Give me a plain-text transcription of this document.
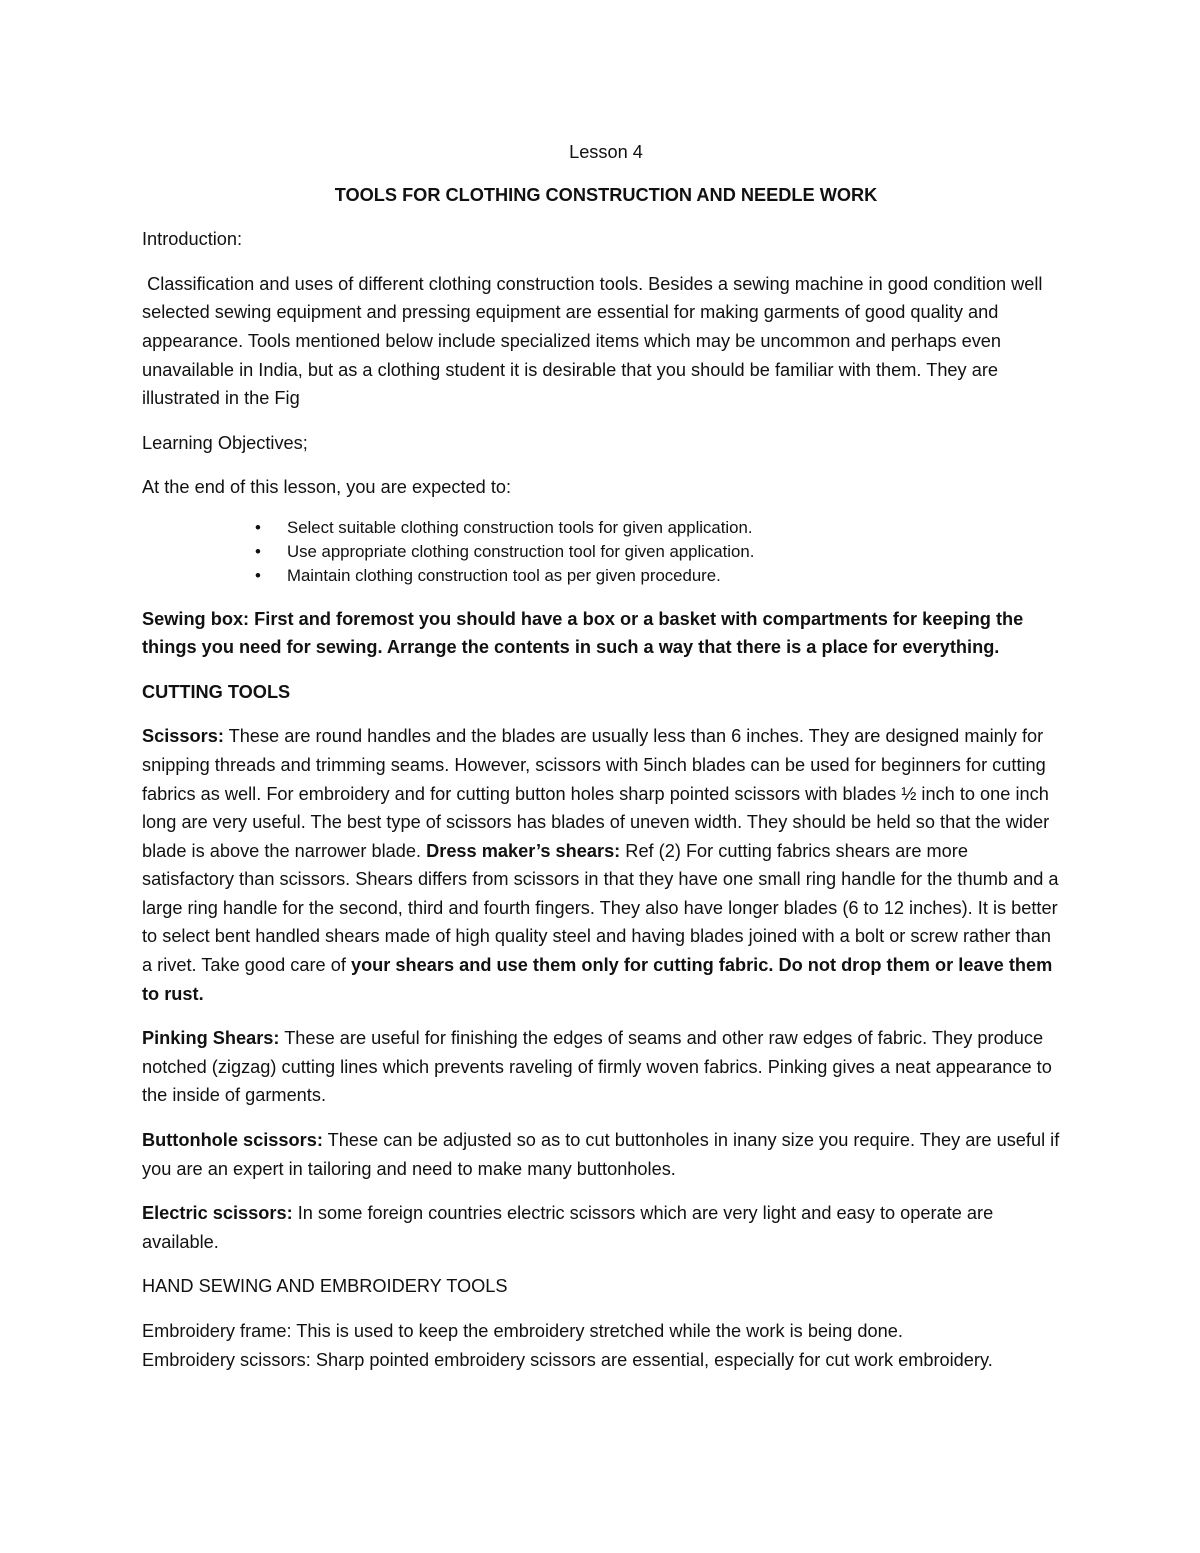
Lesson 4

TOOLS FOR CLOTHING CONSTRUCTION AND NEEDLE WORK

Introduction:

Classification and uses of different clothing construction tools. Besides a sewing machine in good condition well selected sewing equipment and pressing equipment are essential for making garments of good quality and appearance. Tools mentioned below include specialized items which may be uncommon and perhaps even unavailable in India, but as a clothing student it is desirable that you should be familiar with them. They are illustrated in the Fig

Learning Objectives;

At the end of this lesson, you are expected to:

• Select suitable clothing construction tools for given application.
• Use appropriate clothing construction tool for given application.
• Maintain clothing construction tool as per given procedure.

Sewing box: First and foremost you should have a box or a basket with compartments for keeping the things you need for sewing. Arrange the contents in such a way that there is a place for everything.

CUTTING TOOLS

Scissors: These are round handles and the blades are usually less than 6 inches. They are designed mainly for snipping threads and trimming seams. However, scissors with 5inch blades can be used for beginners for cutting fabrics as well. For embroidery and for cutting button holes sharp pointed scissors with blades ½ inch to one inch long are very useful. The best type of scissors has blades of uneven width. They should be held so that the wider blade is above the narrower blade. Dress maker’s shears: Ref (2) For cutting fabrics shears are more satisfactory than scissors. Shears differs from scissors in that they have one small ring handle for the thumb and a large ring handle for the second, third and fourth fingers. They also have longer blades (6 to 12 inches). It is better to select bent handled shears made of high quality steel and having blades joined with a bolt or screw rather than a rivet. Take good care of your shears and use them only for cutting fabric. Do not drop them or leave them to rust.

Pinking Shears: These are useful for finishing the edges of seams and other raw edges of fabric. They produce notched (zigzag) cutting lines which prevents raveling of firmly woven fabrics. Pinking gives a neat appearance to the inside of garments.

Buttonhole scissors: These can be adjusted so as to cut buttonholes in inany size you require. They are useful if you are an expert in tailoring and need to make many buttonholes.

Electric scissors: In some foreign countries electric scissors which are very light and easy to operate are available.

HAND SEWING AND EMBROIDERY TOOLS

Embroidery frame: This is used to keep the embroidery stretched while the work is being done.

Embroidery scissors: Sharp pointed embroidery scissors are essential, especially for cut work embroidery.
